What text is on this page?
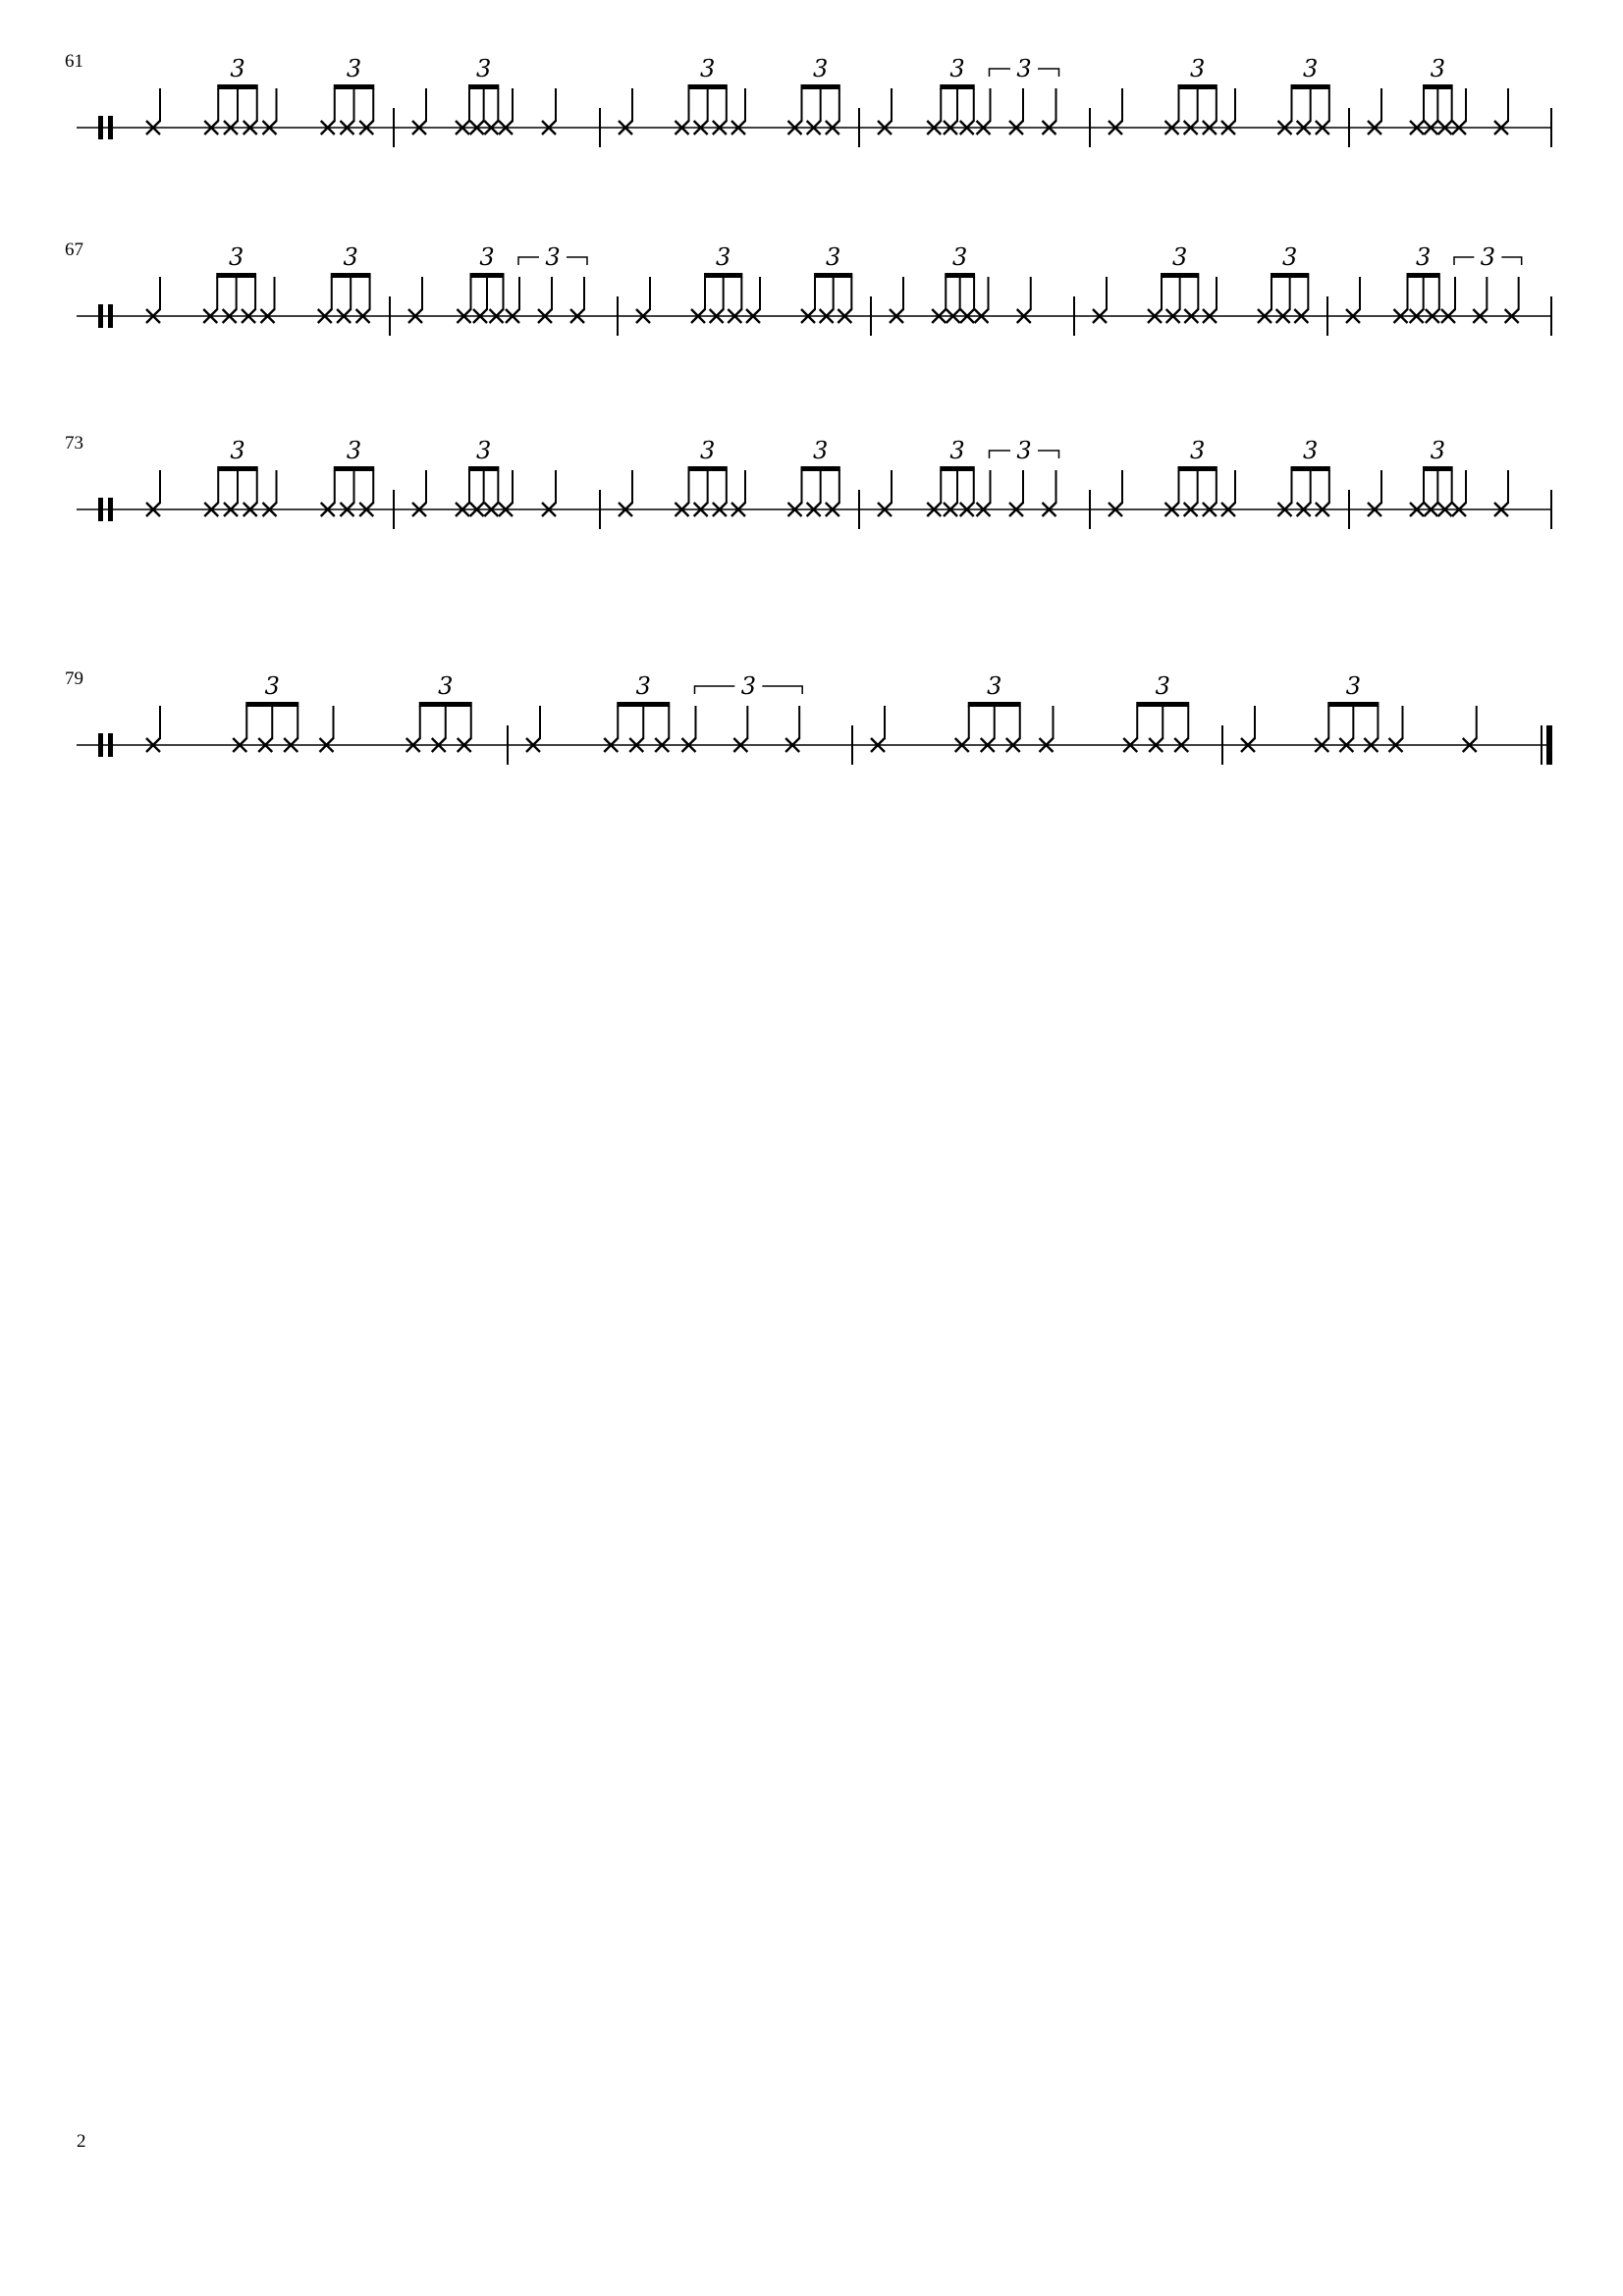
61	3	3	3	3	3	3 3	3	3	3
67	3	3	3 3	3	3	3	3	3	3 3
73	3	3	3	3	3	3 3	3	3	3
79	3	3	3	3	3	3	3
2
